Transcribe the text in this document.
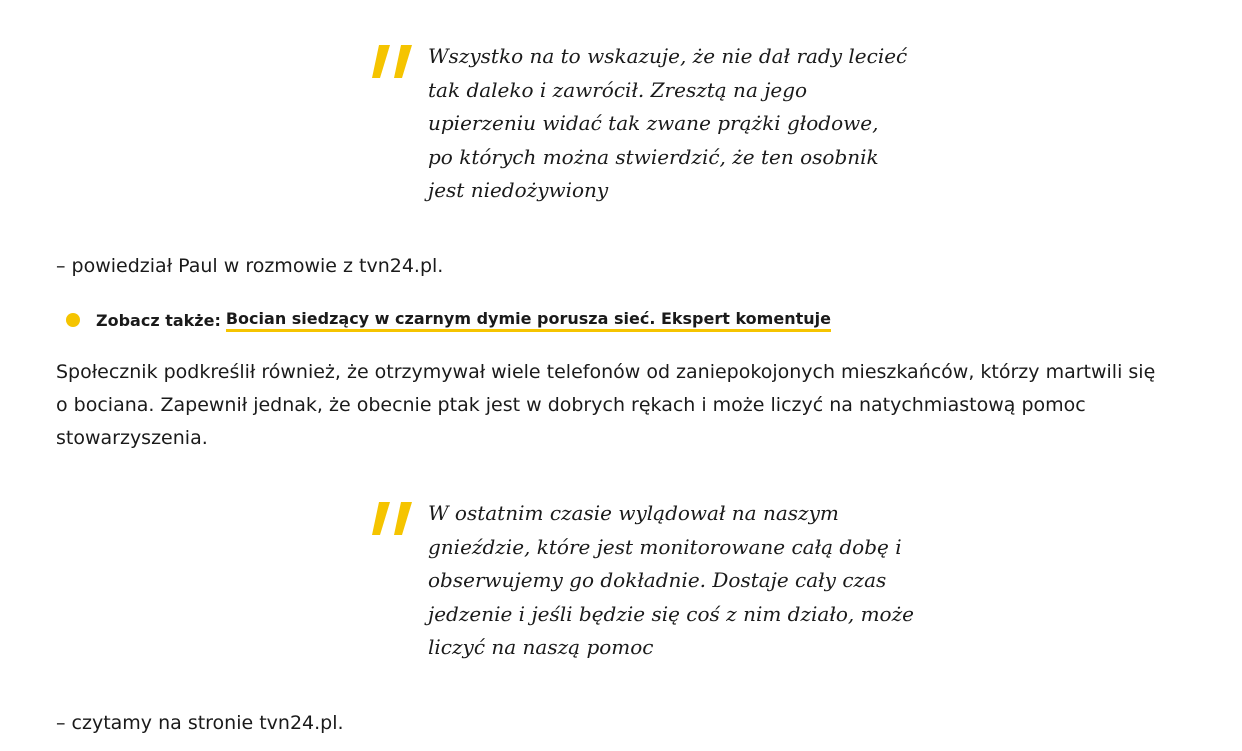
Wszystko na to wskazuje, że nie dał rady lecieć
tak daleko i zawrócił. Zresztą na jego
upierzeniu widać tak zwane prążki głodowe,
po których można stwierdzić, że ten osobnik
jest niedożywiony

– powiedział Paul w rozmowie z tvn24.pl.

Zobacz także: Bocian siedzący w czarnym dymie porusza sieć. Ekspert komentuje

Społecznik podkreślił również, że otrzymywał wiele telefonów od zaniepokojonych mieszkańców, którzy martwili się
o bociana. Zapewnił jednak, że obecnie ptak jest w dobrych rękach i może liczyć na natychmiastową pomoc
stowarzyszenia.

W ostatnim czasie wylądował na naszym
gnieździe, które jest monitorowane całą dobę i
obserwujemy go dokładnie. Dostaje cały czas
jedzenie i jeśli będzie się coś z nim działo, może
liczyć na naszą pomoc

– czytamy na stronie tvn24.pl.
